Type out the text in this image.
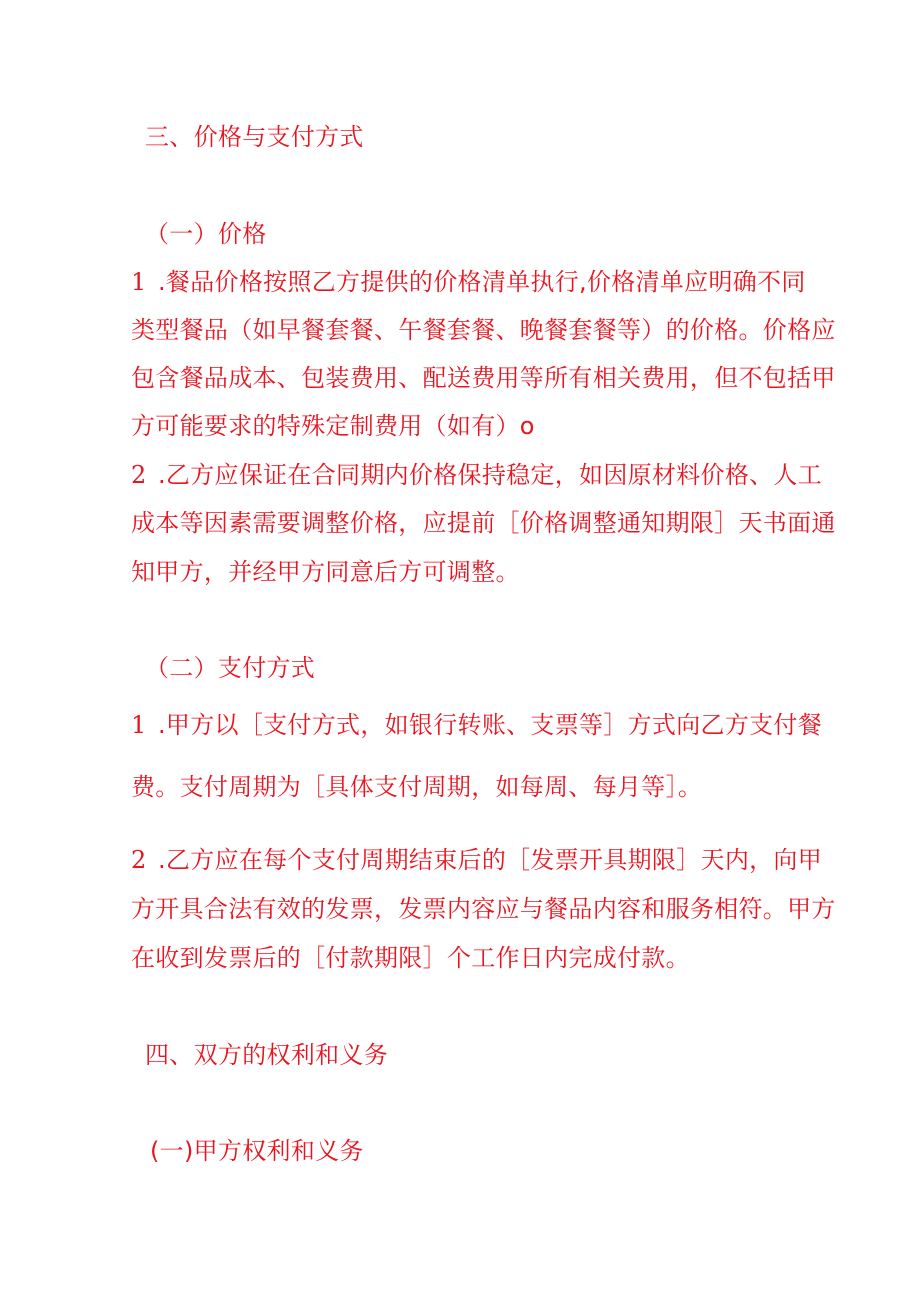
三、价格与支付方式
（一）价格
1 .餐品价格按照乙方提供的价格清单执行,价格清单应明确不同
类型餐品（如早餐套餐、午餐套餐、晚餐套餐等）的价格。价格应
包含餐品成本、包装费用、配送费用等所有相关费用，但不包括甲
方可能要求的特殊定制费用（如有）o
2 .乙方应保证在合同期内价格保持稳定，如因原材料价格、人工
成本等因素需要调整价格，应提前［价格调整通知期限］天书面通
知甲方，并经甲方同意后方可调整。
（二）支付方式
1 .甲方以［支付方式，如银行转账、支票等］方式向乙方支付餐
费。支付周期为［具体支付周期，如每周、每月等］。
2 .乙方应在每个支付周期结束后的［发票开具期限］天内，向甲
方开具合法有效的发票，发票内容应与餐品内容和服务相符。甲方
在收到发票后的［付款期限］个工作日内完成付款。
四、双方的权利和义务
(一)甲方权利和义务
